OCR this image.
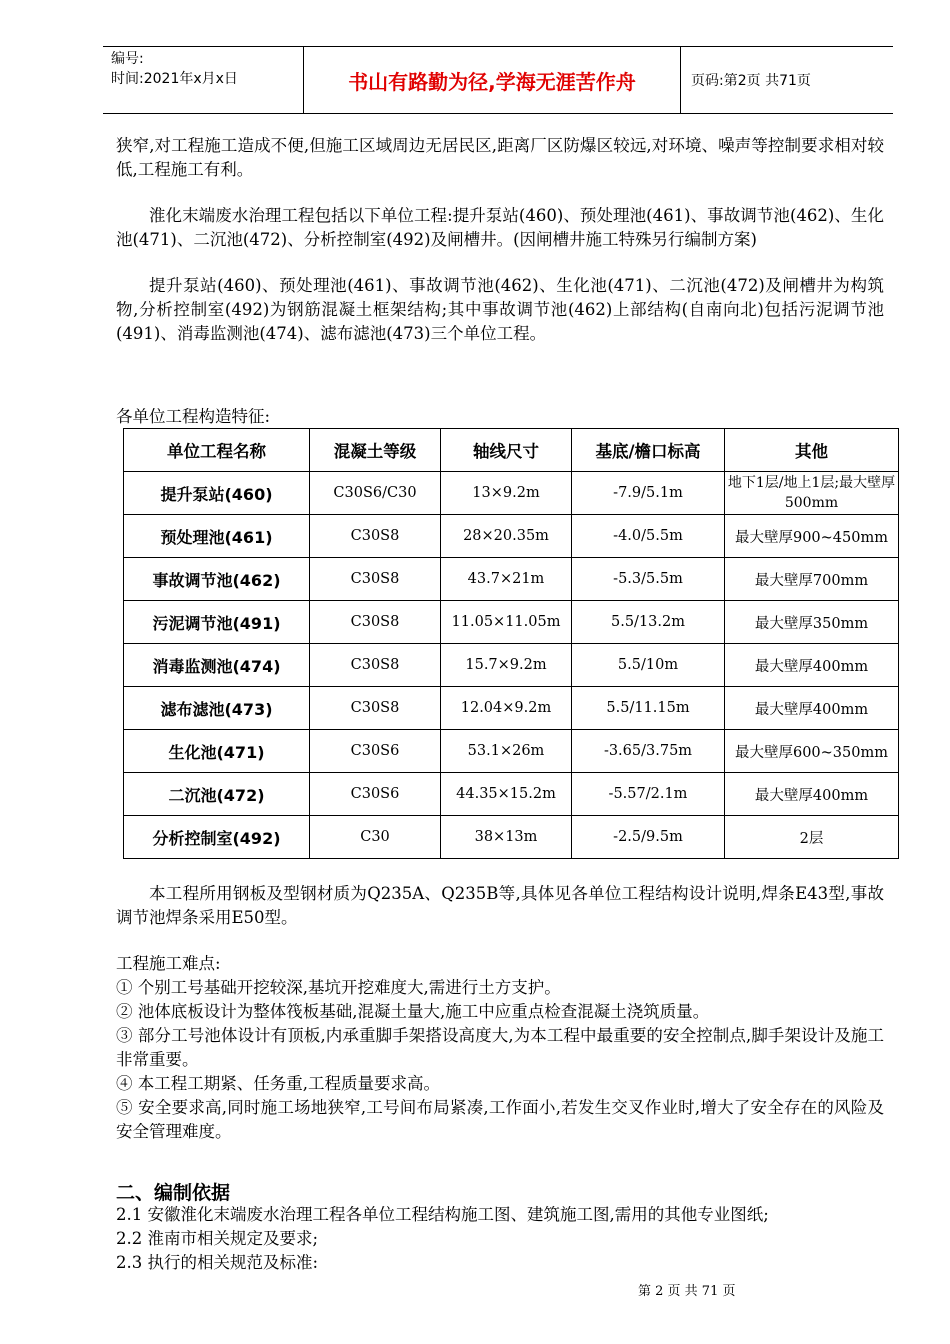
编号:
时间:2021年x月x日	书山有路勤为径,学海无涯苦作舟	页码:第2页 共71页

狭窄,对工程施工造成不便,但施工区域周边无居民区,距离厂区防爆区较远,对环境、噪声等控制要求相对较低,工程施工有利。

淮化末端废水治理工程包括以下单位工程:提升泵站(460)、预处理池(461)、事故调节池(462)、生化池(471)、二沉池(472)、分析控制室(492)及闸槽井。(因闸槽井施工特殊另行编制方案)

提升泵站(460)、预处理池(461)、事故调节池(462)、生化池(471)、二沉池(472)及闸槽井为构筑物,分析控制室(492)为钢筋混凝土框架结构;其中事故调节池(462)上部结构(自南向北)包括污泥调节池(491)、消毒监测池(474)、滤布滤池(473)三个单位工程。

各单位工程构造特征:
单位工程名称	混凝土等级	轴线尺寸	基底/檐口标高	其他
提升泵站(460)	C30S6/C30	13×9.2m	-7.9/5.1m	地下1层/地上1层;最大壁厚500mm
预处理池(461)	C30S8	28×20.35m	-4.0/5.5m	最大壁厚900~450mm
事故调节池(462)	C30S8	43.7×21m	-5.3/5.5m	最大壁厚700mm
污泥调节池(491)	C30S8	11.05×11.05m	5.5/13.2m	最大壁厚350mm
消毒监测池(474)	C30S8	15.7×9.2m	5.5/10m	最大壁厚400mm
滤布滤池(473)	C30S8	12.04×9.2m	5.5/11.15m	最大壁厚400mm
生化池(471)	C30S6	53.1×26m	-3.65/3.75m	最大壁厚600~350mm
二沉池(472)	C30S6	44.35×15.2m	-5.57/2.1m	最大壁厚400mm
分析控制室(492)	C30	38×13m	-2.5/9.5m	2层

本工程所用钢板及型钢材质为Q235A、Q235B等,具体见各单位工程结构设计说明,焊条E43型,事故调节池焊条采用E50型。

工程施工难点:

① 个别工号基础开挖较深,基坑开挖难度大,需进行土方支护。

② 池体底板设计为整体筏板基础,混凝土量大,施工中应重点检查混凝土浇筑质量。

③ 部分工号池体设计有顶板,内承重脚手架搭设高度大,为本工程中最重要的安全控制点,脚手架设计及施工非常重要。

④ 本工程工期紧、任务重,工程质量要求高。

⑤ 安全要求高,同时施工场地狭窄,工号间布局紧凑,工作面小,若发生交叉作业时,增大了安全存在的风险及安全管理难度。

二、编制依据

2.1 安徽淮化末端废水治理工程各单位工程结构施工图、建筑施工图,需用的其他专业图纸;

2.2 淮南市相关规定及要求;

2.3 执行的相关规范及标准:

第 2 页 共 71 页
